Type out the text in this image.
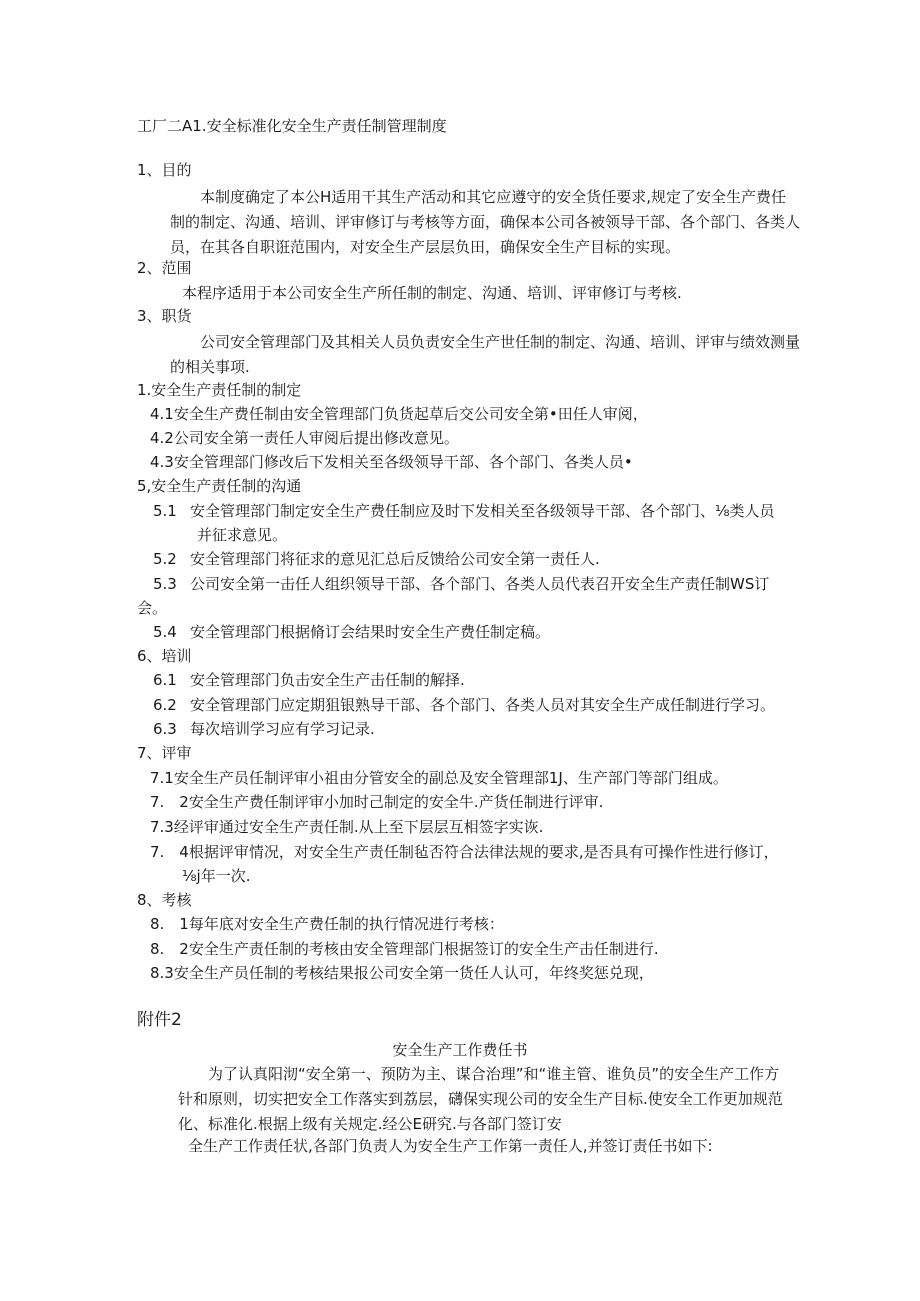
工厂二A1.安全标准化安全生产责任制管理制度
1、目的
本制度确定了本公H适用干其生产活动和其它应遵守的安全货任要求,规定了安全生产费任制的制定、沟通、培训、评审修订与考核等方面，确保本公司各被领导干部、各个部门、各类人员，在其各自职诳范围内，对安全生产层层负田，确保安全生产目标的实现。
2、范围
本程序适用于本公司安全生产所任制的制定、沟通、培训、评审修订与考核.
3、职货
公司安全管理部门及其相关人员负责安全生产世任制的制定、沟通、培训、评审与绩效测量的相关事项.
1.安全生产责任制的制定
4.1安全生产费任制由安全管理部门负货起草后交公司安全第•田任人审阅，
4.2公司安全第一责任人审阅后提出修改意见。
4.3安全管理部门修改后下发相关至各级领导干部、各个部门、各类人员•
5,安全生产责任制的沟通
5.1 安全管理部门制定安全生产费任制应及时下发相关至各级领导干部、各个部门、⅛类人员
并征求意见。
5.2 安全管理部门将征求的意见汇总后反馈给公司安全第一责任人.
5.3 公司安全第一击任人组织领导干部、各个部门、各类人员代表召开安全生产责任制WS订
会。
5.4 安全管理部门根据脩订会结果时安全生产费任制定稿。
6、培训
6.1 安全管理部门负击安全生产击任制的解择.
6.2 安全管理部门应定期狙银熟导干部、各个部门、各类人员对其安全生产成任制进行学习。
6.3 每次培训学习应有学习记录.
7、评审
7.1安全生产员任制评审小祖由分管安全的副总及安全管理部1J、生产部门等部门组成。
7.　2安全生产费任制评审小加时己制定的安全牛.产货任制进行评审.
7.3经评审通过安全生产责任制.从上至下层层互相签字实诙.
7.　4根据评审情况，对安全生产责任制毡否符合法律法规的要求,是否具有可操作性进行修订，
⅛j年一次.
8、考核
8.　1每年底对安全生产费任制的执行情况进行考核：
8.　2安全生产责任制的考核由安全管理部门根据签订的安全生产击任制进行.
8.3安全生产员任制的考核结果报公司安全第一货任人认可，年终奖惩兑现，
附件2
安全生产工作费任书
为了认真阳沏“安全第一、预防为主、谋合治理”和“谁主管、谁负员”的安全生产工作方针和原则，切实把安全工作落实到荔层，礴保实现公司的安全生产目标.使安全工作更加规范化、标准化.根据上级有关规定.经公E研究.与各部门签订安
全生产工作责任状,各部门负责人为安全生产工作第一责任人,并签订责任书如下:
